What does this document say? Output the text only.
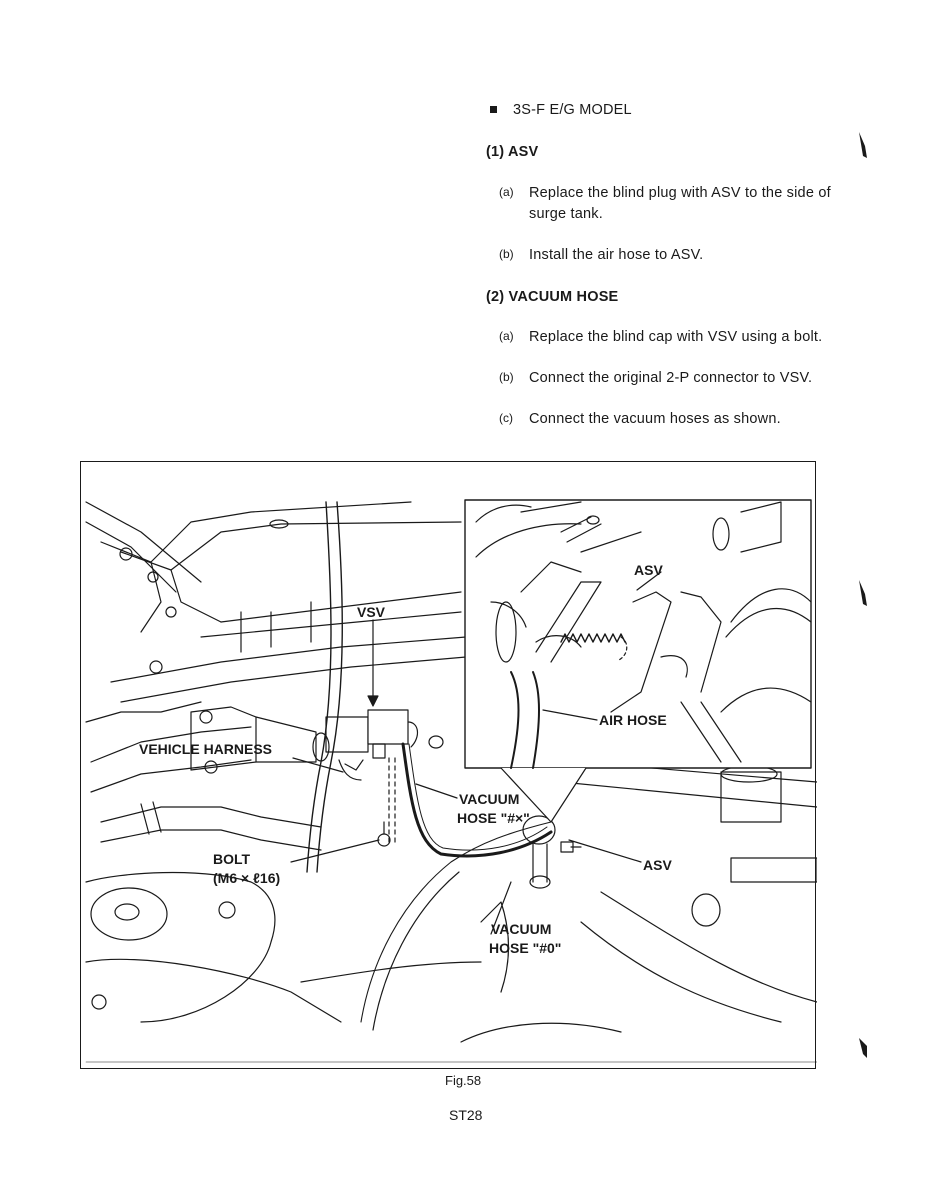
3S-F E/G MODEL
(1) ASV
(a) Replace the blind plug with ASV to the side of
surge tank.
(b) Install the air hose to ASV.
(2) VACUUM HOSE
(a) Replace the blind cap with VSV using a bolt.
(b) Connect the original 2-P connector to VSV.
(c) Connect the vacuum hoses as shown.
VSV
VEHICLE HARNESS
VACUUM
HOSE "#×"
BOLT
(M6 × ℓ16)
ASV
VACUUM
HOSE "#0"
ASV
AIR HOSE
Fig.58
ST28
